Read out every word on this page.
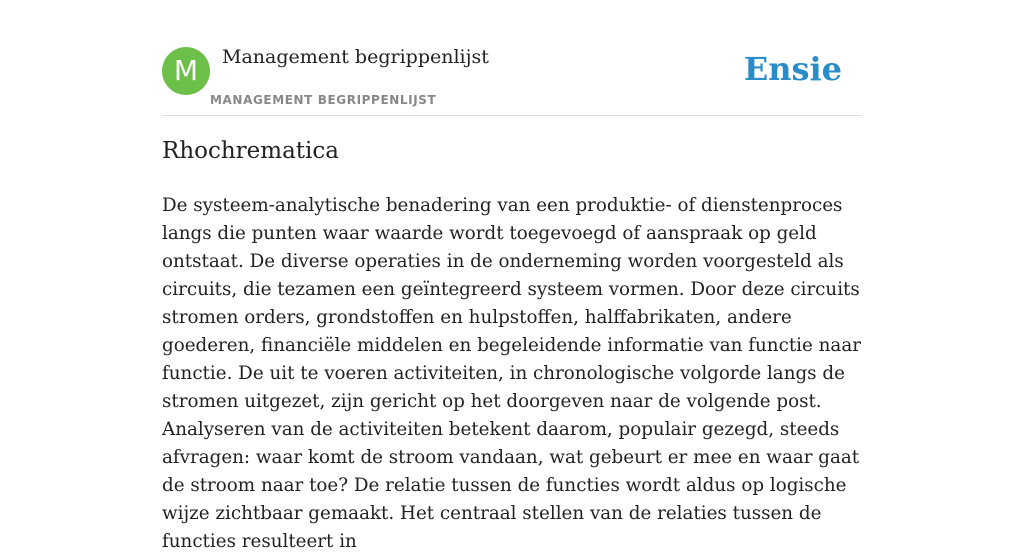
M	Management begrippenlijst
MANAGEMENT BEGRIPPENLIJST
Ensie
Rhochrematica

De systeem-analytische benadering van een produktie- of dienstenproces langs die punten waar waarde wordt toegevoegd of aanspraak op geld ontstaat. De diverse operaties in de onderneming worden voorgesteld als circuits, die tezamen een geïntegreerd systeem vormen. Door deze circuits stromen orders, grondstoffen en hulpstoffen, halffabrikaten, andere goederen, financiële middelen en begeleidende informatie van functie naar functie. De uit te voeren activiteiten, in chronologische volgorde langs de stromen uitgezet, zijn gericht op het doorgeven naar de volgende post. Analyseren van de activiteiten betekent daarom, populair gezegd, steeds afvragen: waar komt de stroom vandaan, wat gebeurt er mee en waar gaat de stroom naar toe? De relatie tussen de functies wordt aldus op logische wijze zichtbaar gemaakt. Het centraal stellen van de relaties tussen de functies resulteert in
